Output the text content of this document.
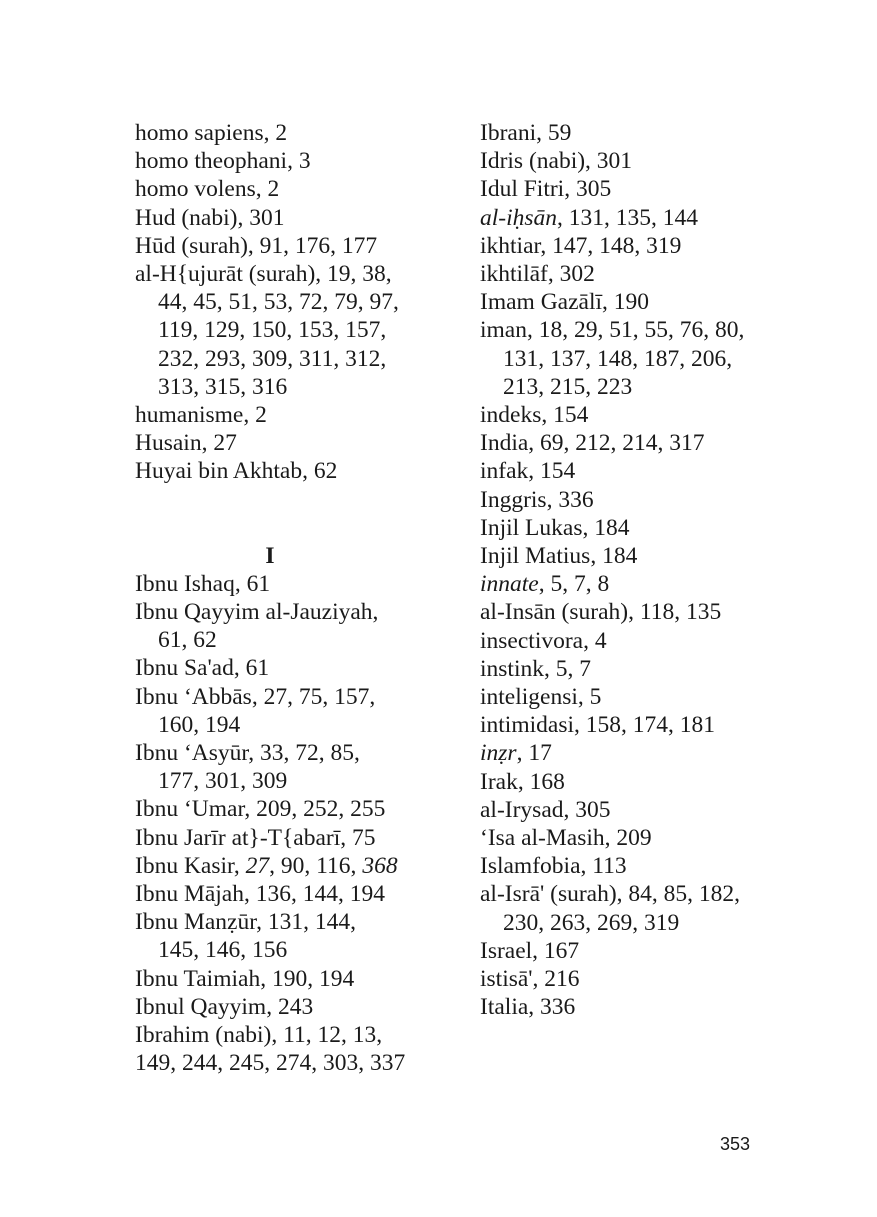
homo sapiens, 2
homo theophani, 3
homo volens, 2
Hud (nabi), 301
Hūd (surah), 91, 176, 177
al-H{ujurāt (surah), 19, 38,
44, 45, 51, 53, 72, 79, 97,
119, 129, 150, 153, 157,
232, 293, 309, 311, 312,
313, 315, 316
humanisme, 2
Husain, 27
Huyai bin Akhtab, 62
I
Ibnu Ishaq, 61
Ibnu Qayyim al-Jauziyah,
61, 62
Ibnu Sa'ad, 61
Ibnu ‘Abbās, 27, 75, 157,
160, 194
Ibnu ‘Asyūr, 33, 72, 85,
177, 301, 309
Ibnu ‘Umar, 209, 252, 255
Ibnu Jarīr at}-T{abarī, 75
Ibnu Kasir, 27, 90, 116, 368
Ibnu Mājah, 136, 144, 194
Ibnu Manẓūr, 131, 144,
145, 146, 156
Ibnu Taimiah, 190, 194
Ibnul Qayyim, 243
Ibrahim (nabi), 11, 12, 13,
149, 244, 245, 274, 303, 337
Ibrani, 59
Idris (nabi), 301
Idul Fitri, 305
al-iḥsān, 131, 135, 144
ikhtiar, 147, 148, 319
ikhtilāf, 302
Imam Gazālī, 190
iman, 18, 29, 51, 55, 76, 80,
131, 137, 148, 187, 206,
213, 215, 223
indeks, 154
India, 69, 212, 214, 317
infak, 154
Inggris, 336
Injil Lukas, 184
Injil Matius, 184
innate, 5, 7, 8
al-Insān (surah), 118, 135
insectivora, 4
instink, 5, 7
inteligensi, 5
intimidasi, 158, 174, 181
inẓr, 17
Irak, 168
al-Irysad, 305
‘Isa al-Masih, 209
Islamfobia, 113
al-Isrā' (surah), 84, 85, 182,
230, 263, 269, 319
Israel, 167
istisā', 216
Italia, 336
353
